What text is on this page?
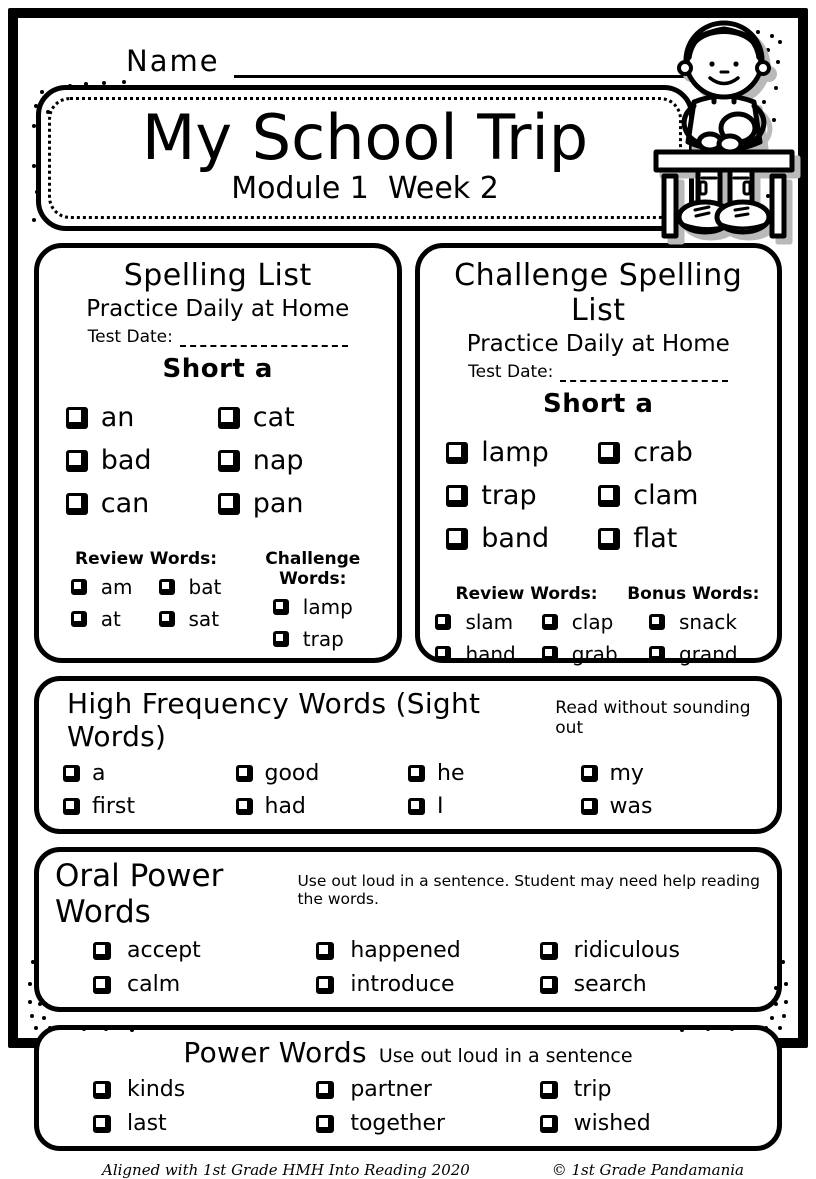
Name
My School Trip
Module 1  Week 2
Spelling List
Practice Daily at Home
Test Date:
Short a
an
bad
can
cat
nap
pan
Review Words:
am
at
bat
sat
Challenge Words:
lamp
trap
Challenge Spelling List
Practice Daily at Home
Test Date:
Short a
lamp
trap
band
crab
clam
flat
Review Words:
slam
hand
clap
grab
Bonus Words:
snack
grand
High Frequency Words (Sight Words)
Read without sounding out
a
first
good
had
he
I
my
was
Oral Power Words
Use out loud in a sentence. Student may need help reading the words.
accept
calm
happened
introduce
ridiculous
search
Power Words Use out loud in a sentence
kinds
last
partner
together
trip
wished
Aligned with 1st Grade HMH Into Reading 2020	© 1st Grade Pandamania
